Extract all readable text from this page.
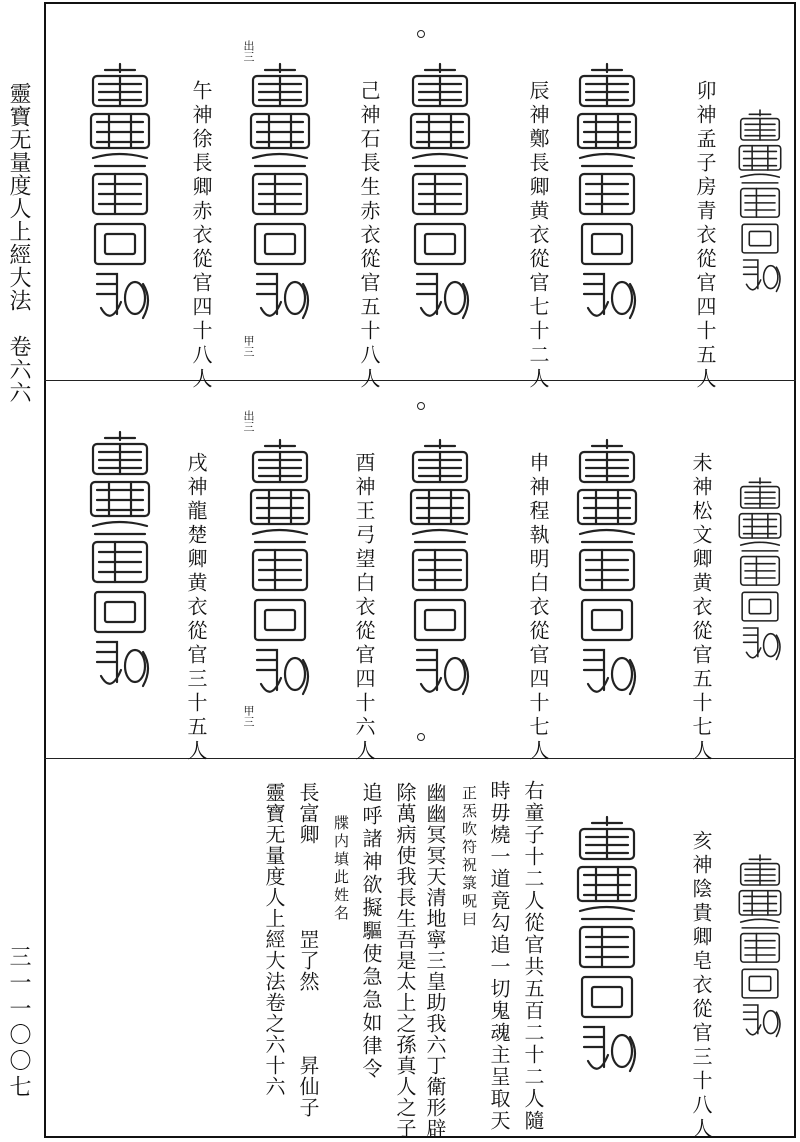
靈寶无量度人上經大法　卷六六
三一一〇〇七
卯神孟子房青衣從官四十五人
辰神鄭長卿黄衣從官七十二人
己神石長生赤衣從官五十八人
午神徐長卿赤衣從官四十八人
出三
甲三
未神松文卿黄衣從官五十七人
申神程執明白衣從官四十七人
酉神王弓望白衣從官四十六人
戌神龍楚卿黄衣從官三十五人
出三
甲三
亥神陰貴卿皂衣從官三十八人
右童子十二人從官共五百二十二人隨
時毋燒一道竟勾追一切鬼魂主呈取天
正炁吹符祝箓呪曰
幽幽冥冥天清地寧三皇助我六丁衛形辟
除萬病使我長生吾是太上之孫真人之子
追呼諸神欲擬驅使急急如律令
牒内填此姓名
長富卿　　　　罡了然　　　昇仙子
靈寶无量度人上經大法卷之六十六
